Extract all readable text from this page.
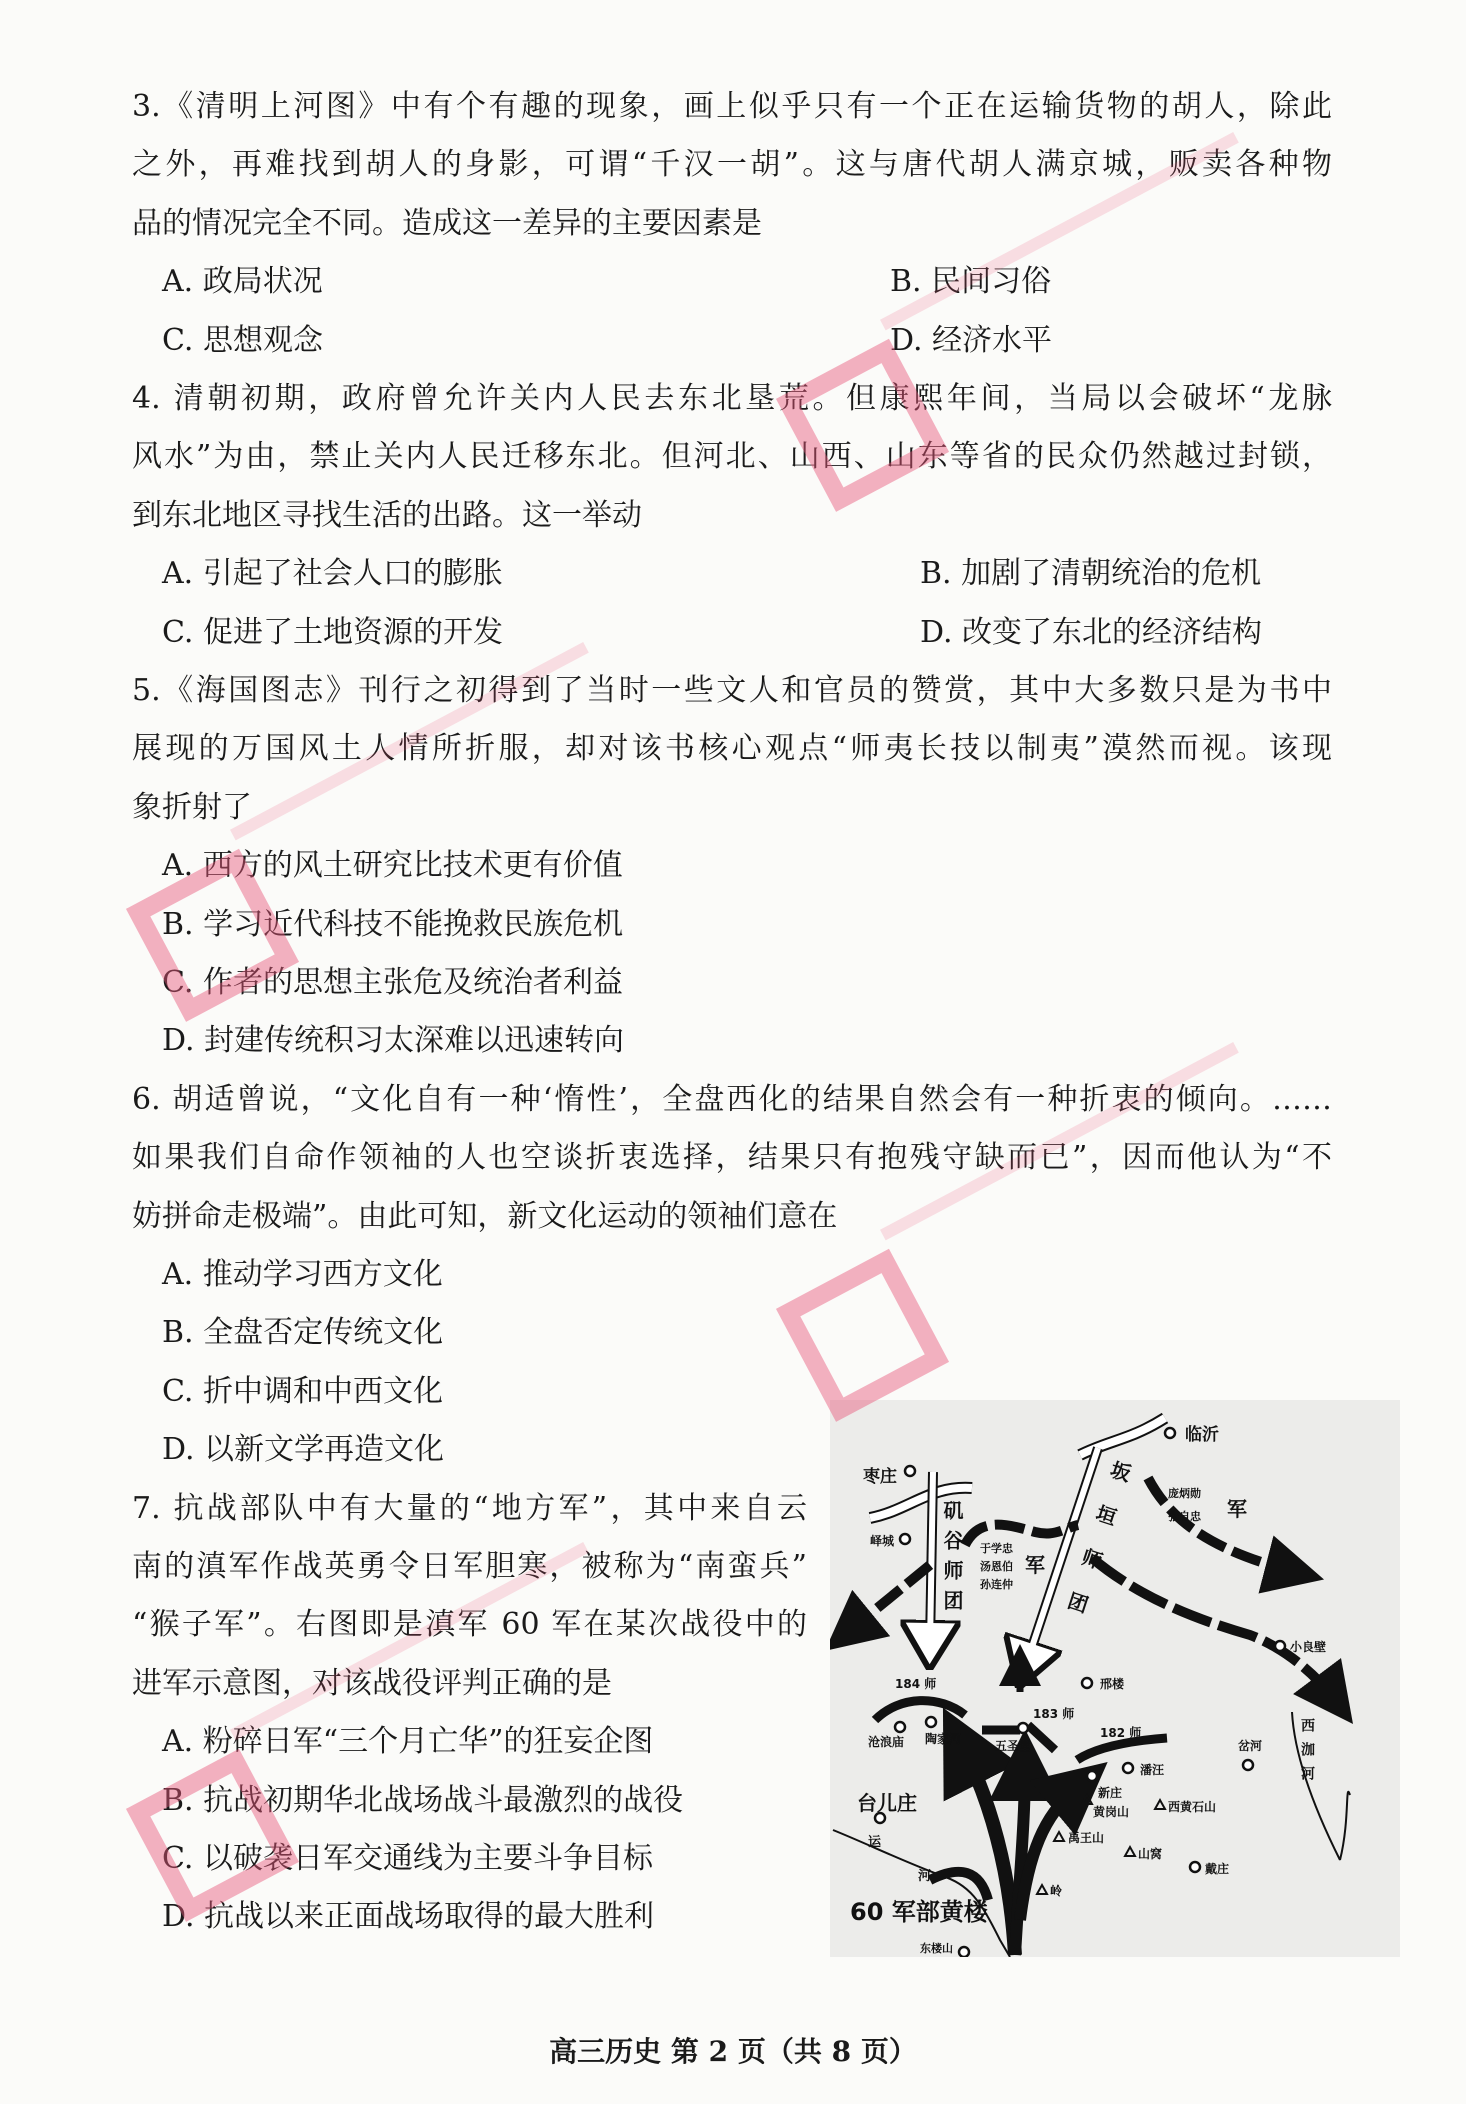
3.《清明上河图》中有个有趣的现象，画上似乎只有一个正在运输货物的胡人，除此
之外，再难找到胡人的身影，可谓“千汉一胡”。这与唐代胡人满京城，贩卖各种物
品的情况完全不同。造成这一差异的主要因素是
A. 政局状况	B. 民间习俗
C. 思想观念	D. 经济水平
4. 清朝初期，政府曾允许关内人民去东北垦荒。但康熙年间，当局以会破坏“龙脉
风水”为由，禁止关内人民迁移东北。但河北、山西、山东等省的民众仍然越过封锁，
到东北地区寻找生活的出路。这一举动
A. 引起了社会人口的膨胀	B. 加剧了清朝统治的危机
C. 促进了土地资源的开发	D. 改变了东北的经济结构
5.《海国图志》刊行之初得到了当时一些文人和官员的赞赏，其中大多数只是为书中
展现的万国风土人情所折服，却对该书核心观点“师夷长技以制夷”漠然而视。该现
象折射了
A. 西方的风土研究比技术更有价值
B. 学习近代科技不能挽救民族危机
C. 作者的思想主张危及统治者利益
D. 封建传统积习太深难以迅速转向
6. 胡适曾说，“文化自有一种‘惰性’，全盘西化的结果自然会有一种折衷的倾向。……
如果我们自命作领袖的人也空谈折衷选择，结果只有抱残守缺而已”，因而他认为“不
妨拼命走极端”。由此可知，新文化运动的领袖们意在
A. 推动学习西方文化
B. 全盘否定传统文化
C. 折中调和中西文化
D. 以新文学再造文化
7. 抗战部队中有大量的“地方军”，其中来自云
南的滇军作战英勇令日军胆寒，被称为“南蛮兵”
“猴子军”。右图即是滇军 60 军在某次战役中的
进军示意图，对该战役评判正确的是
A. 粉碎日军“三个月亡华”的狂妄企图
B. 抗战初期华北战场战斗最激烈的战役
C. 以破袭日军交通线为主要斗争目标
D. 抗战以来正面战场取得的最大胜利
临沂
枣庄
峄城
小良壁
邢楼
沧浪庙 陶家河	五圣堂
潘汪
新庄
戴庄
岔河
台儿庄
东楼山
黄岗山	西黄石山
禹王山
山窝
岭
184 师
183 师
182 师
60 军部黄楼
于学忠
汤恩伯
孙连仲
军
庞炳勋
张自忠 军
运
河
矶谷师团	坂垣师团
西泇河
高三历史 第 2 页（共 8 页）
